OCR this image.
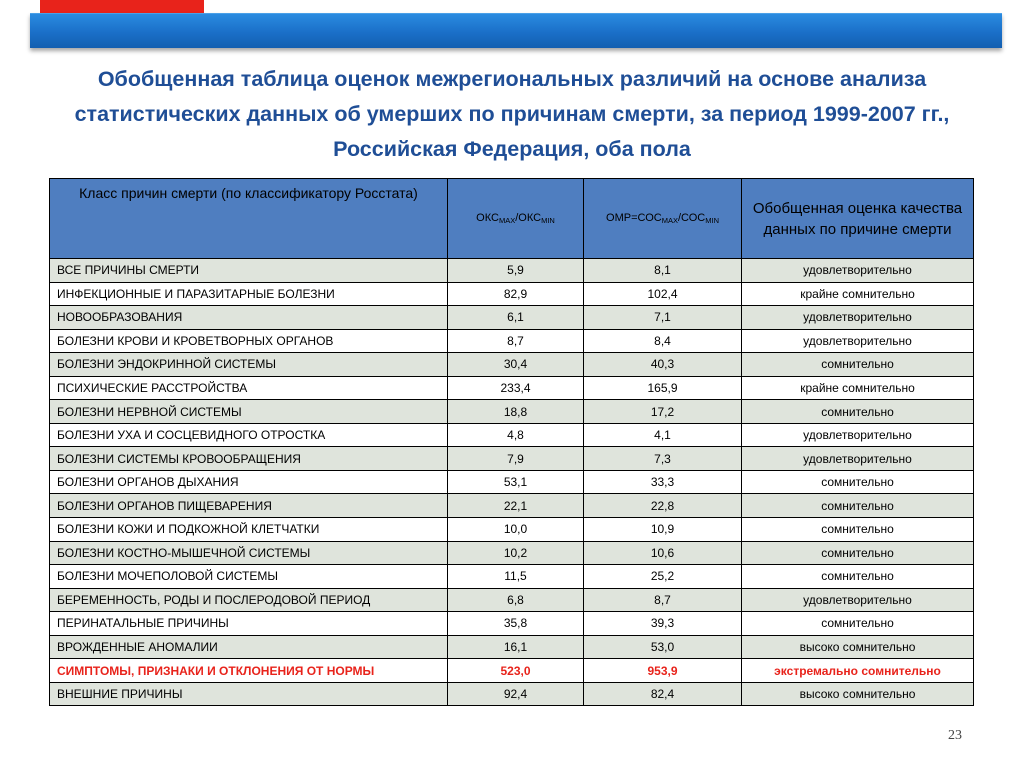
Обобщенная таблица оценок межрегиональных различий на основе анализа статистических данных об умерших по причинам смерти, за период 1999-2007 гг., Российская Федерация, оба пола
Класс причин смерти (по классификатору Росстата)	$ОКС_{MAX}/ОКС_{MIN}$	$ОМР=СОС_{MAX}/СОС_{MIN}$	Обобщенная оценка качества данных по причине смерти
ВСЕ ПРИЧИНЫ СМЕРТИ	5,9	8,1	удовлетворительно
ИНФЕКЦИОННЫЕ И ПАРАЗИТАРНЫЕ БОЛЕЗНИ	82,9	102,4	крайне сомнительно
НОВООБРАЗОВАНИЯ	6,1	7,1	удовлетворительно
БОЛЕЗНИ КРОВИ И КРОВЕТВОРНЫХ ОРГАНОВ	8,7	8,4	удовлетворительно
БОЛЕЗНИ ЭНДОКРИННОЙ СИСТЕМЫ	30,4	40,3	сомнительно
ПСИХИЧЕСКИЕ РАССТРОЙСТВА	233,4	165,9	крайне сомнительно
БОЛЕЗНИ НЕРВНОЙ СИСТЕМЫ	18,8	17,2	сомнительно
БОЛЕЗНИ УХА И СОСЦЕВИДНОГО ОТРОСТКА	4,8	4,1	удовлетворительно
БОЛЕЗНИ СИСТЕМЫ КРОВООБРАЩЕНИЯ	7,9	7,3	удовлетворительно
БОЛЕЗНИ ОРГАНОВ ДЫХАНИЯ	53,1	33,3	сомнительно
БОЛЕЗНИ ОРГАНОВ ПИЩЕВАРЕНИЯ	22,1	22,8	сомнительно
БОЛЕЗНИ КОЖИ И ПОДКОЖНОЙ КЛЕТЧАТКИ	10,0	10,9	сомнительно
БОЛЕЗНИ КОСТНО-МЫШЕЧНОЙ СИСТЕМЫ	10,2	10,6	сомнительно
БОЛЕЗНИ МОЧЕПОЛОВОЙ СИСТЕМЫ	11,5	25,2	сомнительно
БЕРЕМЕННОСТЬ, РОДЫ И ПОСЛЕРОДОВОЙ ПЕРИОД	6,8	8,7	удовлетворительно
ПЕРИНАТАЛЬНЫЕ ПРИЧИНЫ	35,8	39,3	сомнительно
ВРОЖДЕННЫЕ АНОМАЛИИ	16,1	53,0	высоко сомнительно
СИМПТОМЫ, ПРИЗНАКИ И ОТКЛОНЕНИЯ ОТ НОРМЫ	523,0	953,9	экстремально сомнительно
ВНЕШНИЕ ПРИЧИНЫ	92,4	82,4	высоко сомнительно
23
